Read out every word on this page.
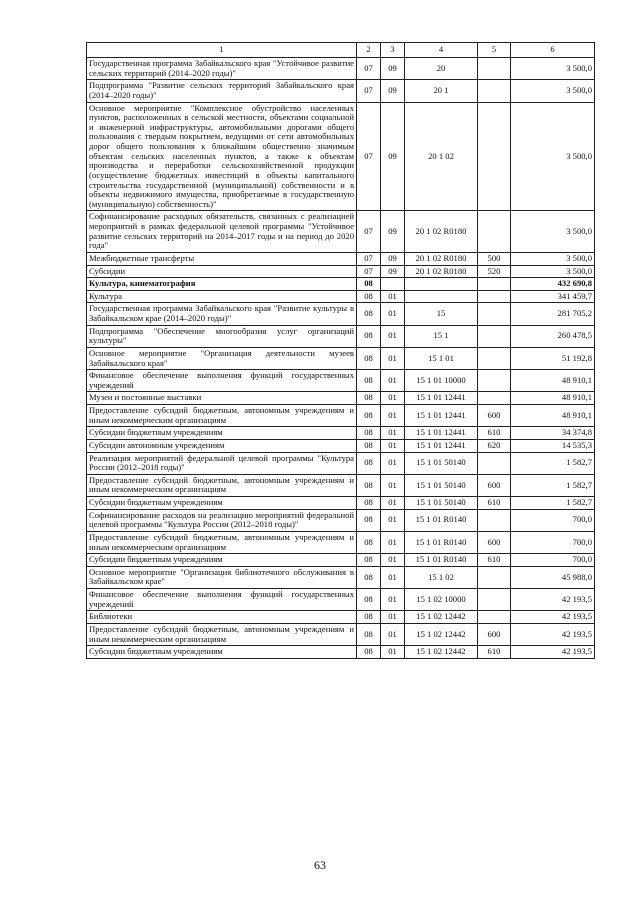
1	2	3	4	5	6
Государственная программа Забайкальского края "Устойчивое развитие сельских территорий (2014–2020 годы)"	07	09	20		3 500,0
Подпрограмма "Развитие сельских территорий Забайкальского края (2014–2020 годы)"	07	09	20 1		3 500,0
Основное мероприятие "Комплексное обустройство населенных пунктов, расположенных в сельской местности, объектами социальной и инженерной инфраструктуры, автомобильными дорогами общего пользования с твердым покрытием, ведущими от сети автомобильных дорог общего пользования к ближайшим общественно значимым объектам сельских населенных пунктов, а также к объектам производства и переработки сельскохозяйственной продукции (осуществление бюджетных инвестиций в объекты капитального строительства государственной (муниципальной) собственности и в объекты недвижимого имущества, приобретаемые в государственную (муниципальную) собственность)"	07	09	20 1 02		3 500,0
Софинансирование расходных обязательств, связанных с реализацией мероприятий в рамках федеральной целевой программы "Устойчивое развитие сельских территорий на 2014–2017 годы и на период до 2020 года"	07	09	20 1 02 R0180		3 500,0
Межбюджетные трансферты	07	09	20 1 02 R0180	500	3 500,0
Субсидии	07	09	20 1 02 R0180	520	3 500,0
Культура, кинематография	08				432 690,8
Культура	08	01			341 459,7
Государственная программа Забайкальского края "Развитие культуры в Забайкальском крае (2014–2020 годы)"	08	01	15		281 705,2
Подпрограмма "Обеспечение многообразия услуг организаций культуры"	08	01	15 1		260 478,5
Основное мероприятие "Организация деятельности музеев Забайкальского края"	08	01	15 1 01		51 192,8
Финансовое обеспечение выполнения функций государственных учреждений	08	01	15 1 01 10000		48 910,1
Музеи и постоянные выставки	08	01	15 1 01 12441		48 910,1
Предоставление субсидий бюджетным, автономным учреждениям и иным некоммерческим организациям	08	01	15 1 01 12441	600	48 910,1
Субсидии бюджетным учреждениям	08	01	15 1 01 12441	610	34 374,8
Субсидии автономным учреждениям	08	01	15 1 01 12441	620	14 535,3
Реализация мероприятий федеральной целевой программы "Культура России (2012–2018 годы)"	08	01	15 1 01 50140		1 582,7
Предоставление субсидий бюджетным, автономным учреждениям и иным некоммерческим организациям	08	01	15 1 01 50140	600	1 582,7
Субсидии бюджетным учреждениям	08	01	15 1 01 50140	610	1 582,7
Софинансирование расходов на реализацию мероприятий федеральной целевой программы "Культура России (2012–2018 годы)"	08	01	15 1 01 R0140		700,0
Предоставление субсидий бюджетным, автономным учреждениям и иным некоммерческим организациям	08	01	15 1 01 R0140	600	700,0
Субсидии бюджетным учреждениям	08	01	15 1 01 R0140	610	700,0
Основное мероприятие "Организация библиотечного обслуживания в Забайкальском крае"	08	01	15 1 02		45 988,0
Финансовое обеспечение выполнения функций государственных учреждений	08	01	15 1 02 10000		42 193,5
Библиотеки	08	01	15 1 02 12442		42 193,5
Предоставление субсидий бюджетным, автономным учреждениям и иным некоммерческим организациям	08	01	15 1 02 12442	600	42 193,5
Субсидии бюджетным учреждениям	08	01	15 1 02 12442	610	42 193,5
63
